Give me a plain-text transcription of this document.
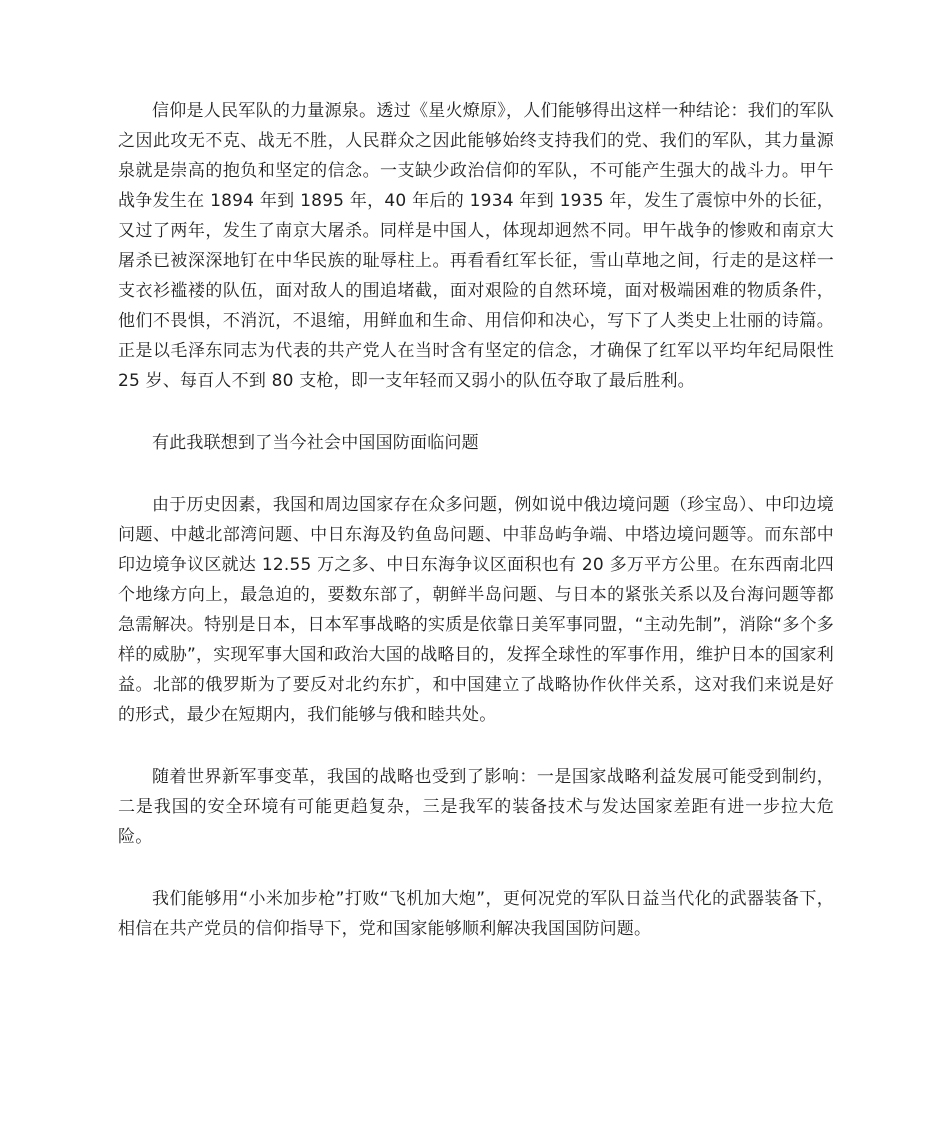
信仰是人民军队的力量源泉。透过《星火燎原》，人们能够得出这样一种结论：我们的军队之因此攻无不克、战无不胜，人民群众之因此能够始终支持我们的党、我们的军队，其力量源泉就是崇高的抱负和坚定的信念。一支缺少政治信仰的军队，不可能产生强大的战斗力。甲午战争发生在 1894 年到 1895 年，40 年后的 1934 年到 1935 年，发生了震惊中外的长征，又过了两年，发生了南京大屠杀。同样是中国人，体现却迥然不同。甲午战争的惨败和南京大屠杀已被深深地钉在中华民族的耻辱柱上。再看看红军长征，雪山草地之间，行走的是这样一支衣衫褴褛的队伍，面对敌人的围追堵截，面对艰险的自然环境，面对极端困难的物质条件，他们不畏惧，不消沉，不退缩，用鲜血和生命、用信仰和决心，写下了人类史上壮丽的诗篇。正是以毛泽东同志为代表的共产党人在当时含有坚定的信念，才确保了红军以平均年纪局限性 25 岁、每百人不到 80 支枪，即一支年轻而又弱小的队伍夺取了最后胜利。

有此我联想到了当今社会中国国防面临问题

由于历史因素，我国和周边国家存在众多问题，例如说中俄边境问题（珍宝岛）、中印边境问题、中越北部湾问题、中日东海及钓鱼岛问题、中菲岛屿争端、中塔边境问题等。而东部中印边境争议区就达 12.55 万之多、中日东海争议区面积也有 20 多万平方公里。在东西南北四个地缘方向上，最急迫的，要数东部了，朝鲜半岛问题、与日本的紧张关系以及台海问题等都急需解决。特别是日本，日本军事战略的实质是依靠日美军事同盟，“主动先制”，消除“多个多样的威胁”，实现军事大国和政治大国的战略目的，发挥全球性的军事作用，维护日本的国家利益。北部的俄罗斯为了要反对北约东扩，和中国建立了战略协作伙伴关系，这对我们来说是好的形式，最少在短期内，我们能够与俄和睦共处。

随着世界新军事变革，我国的战略也受到了影响：一是国家战略利益发展可能受到制约，二是我国的安全环境有可能更趋复杂，三是我军的装备技术与发达国家差距有进一步拉大危险。

我们能够用“小米加步枪”打败“飞机加大炮”，更何况党的军队日益当代化的武器装备下，相信在共产党员的信仰指导下，党和国家能够顺利解决我国国防问题。
